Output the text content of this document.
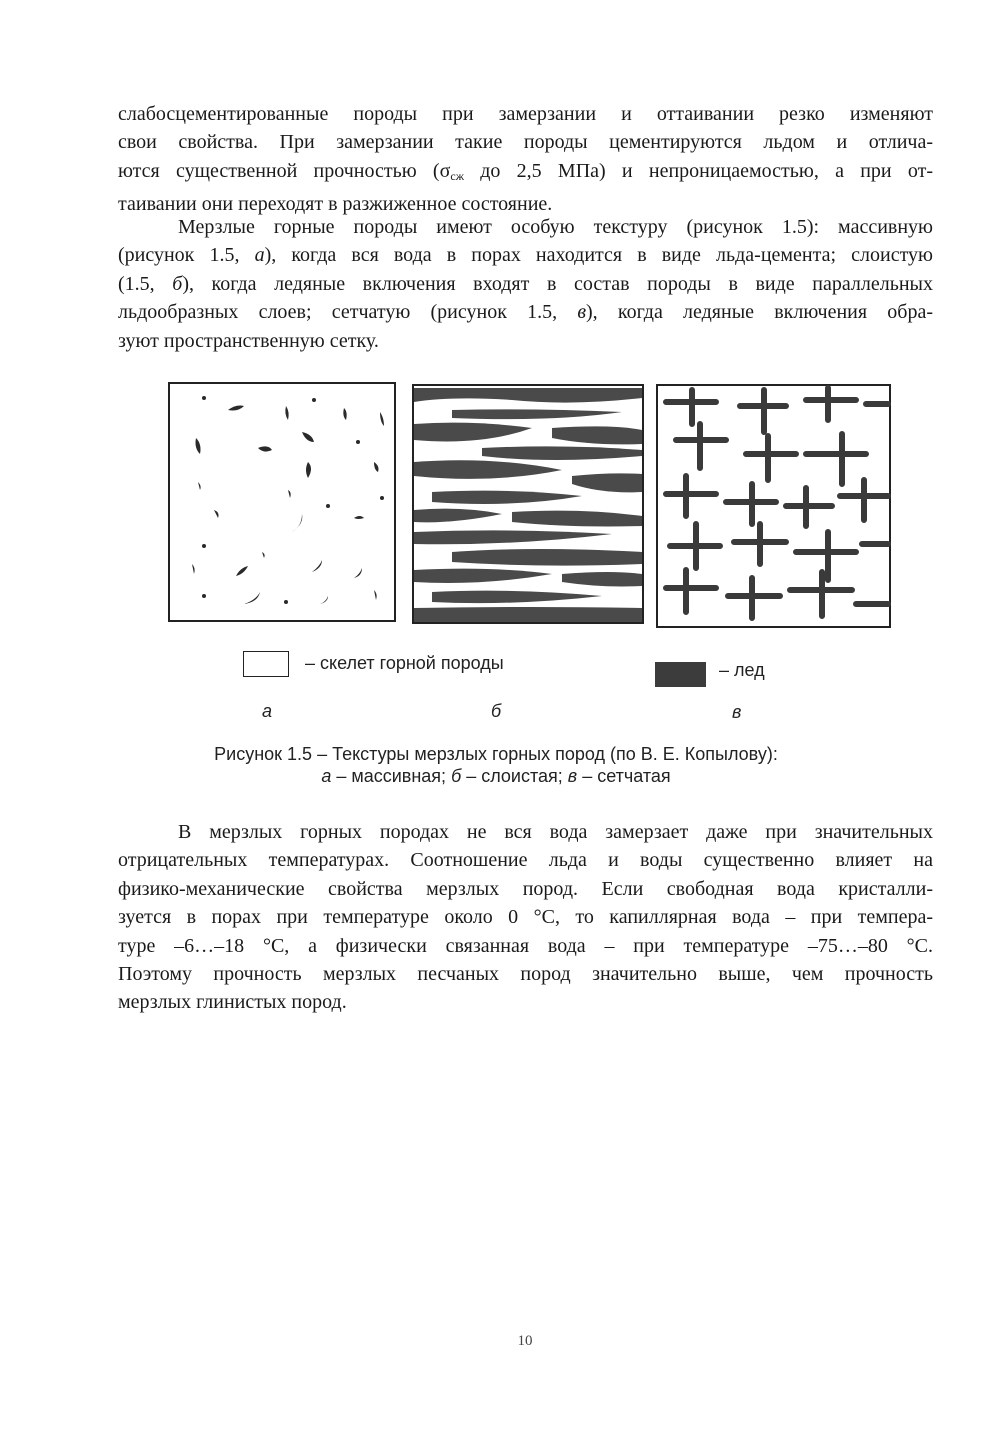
слабосцементированные породы при замерзании и оттаивании резко изменяют
свои свойства. При замерзании такие породы цементируются льдом и отлича-
ются существенной прочностью ($\sigma_{сж}$ до 2,5 МПа) и непроницаемостью, а при от-
таивании они переходят в разжиженное состояние.
Мерзлые горные породы имеют особую текстуру (рисунок 1.5): массивную
(рисунок 1.5, а), когда вся вода в порах находится в виде льда-цемента; слоистую
(1.5, б), когда ледяные включения входят в состав породы в виде параллельных
льдообразных слоев; сетчатую (рисунок 1.5, в), когда ледяные включения обра-
зуют пространственную сетку.
– скелет горной породы	– лед
а	б	в
Рисунок 1.5 – Текстуры мерзлых горных пород (по В. Е. Копылову):
а – массивная; б – слоистая; в – сетчатая
В мерзлых горных породах не вся вода замерзает даже при значительных
отрицательных температурах. Соотношение льда и воды существенно влияет на
физико-механические свойства мерзлых пород. Если свободная вода кристалли-
зуется в порах при температуре около 0 °С, то капиллярная вода – при темпера-
туре –6…–18 °С, а физически связанная вода – при температуре –75…–80 °С.
Поэтому прочность мерзлых песчаных пород значительно выше, чем прочность
мерзлых глинистых пород.
10
